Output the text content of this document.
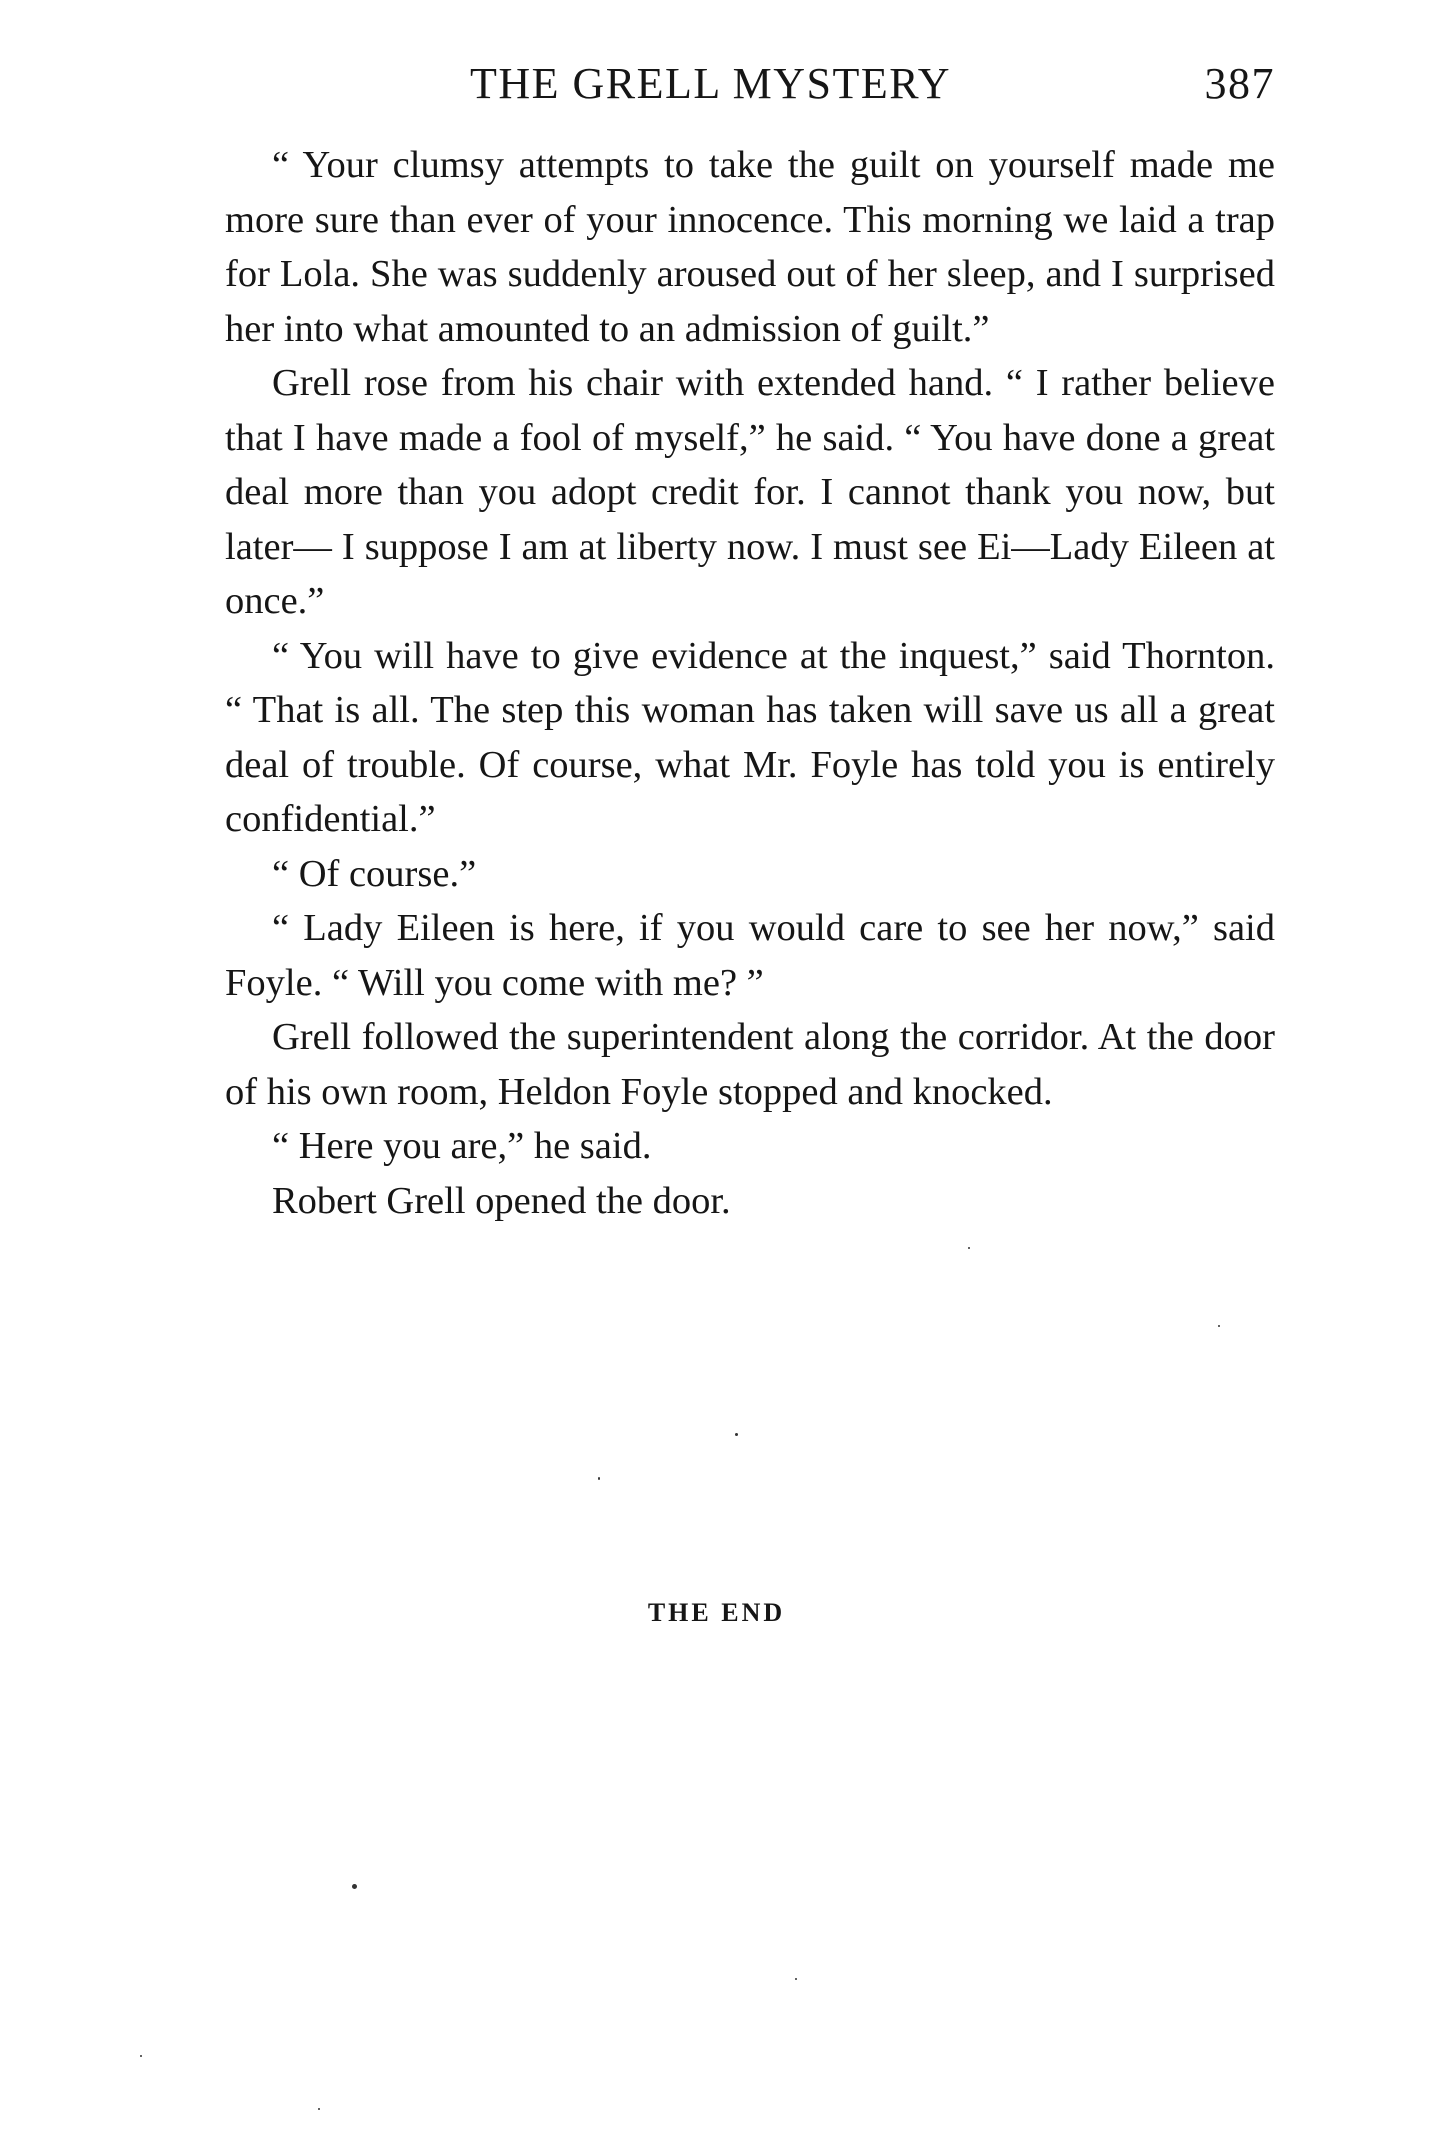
THE GRELL MYSTERY	387

“ Your clumsy attempts to take the guilt on yourself made me more sure than ever of your innocence. This morning we laid a trap for Lola. She was suddenly aroused out of her sleep, and I surprised her into what amounted to an admission of guilt.”

Grell rose from his chair with extended hand. “ I rather believe that I have made a fool of myself,” he said. “ You have done a great deal more than you adopt credit for. I cannot thank you now, but later— I suppose I am at liberty now. I must see Ei—Lady Eileen at once.”

“ You will have to give evidence at the inquest,” said Thornton. “ That is all. The step this woman has taken will save us all a great deal of trouble. Of course, what Mr. Foyle has told you is entirely confidential.”

“ Of course.”

“ Lady Eileen is here, if you would care to see her now,” said Foyle. “ Will you come with me? ”

Grell followed the superintendent along the corridor. At the door of his own room, Heldon Foyle stopped and knocked.

“ Here you are,” he said.

Robert Grell opened the door.

THE END
